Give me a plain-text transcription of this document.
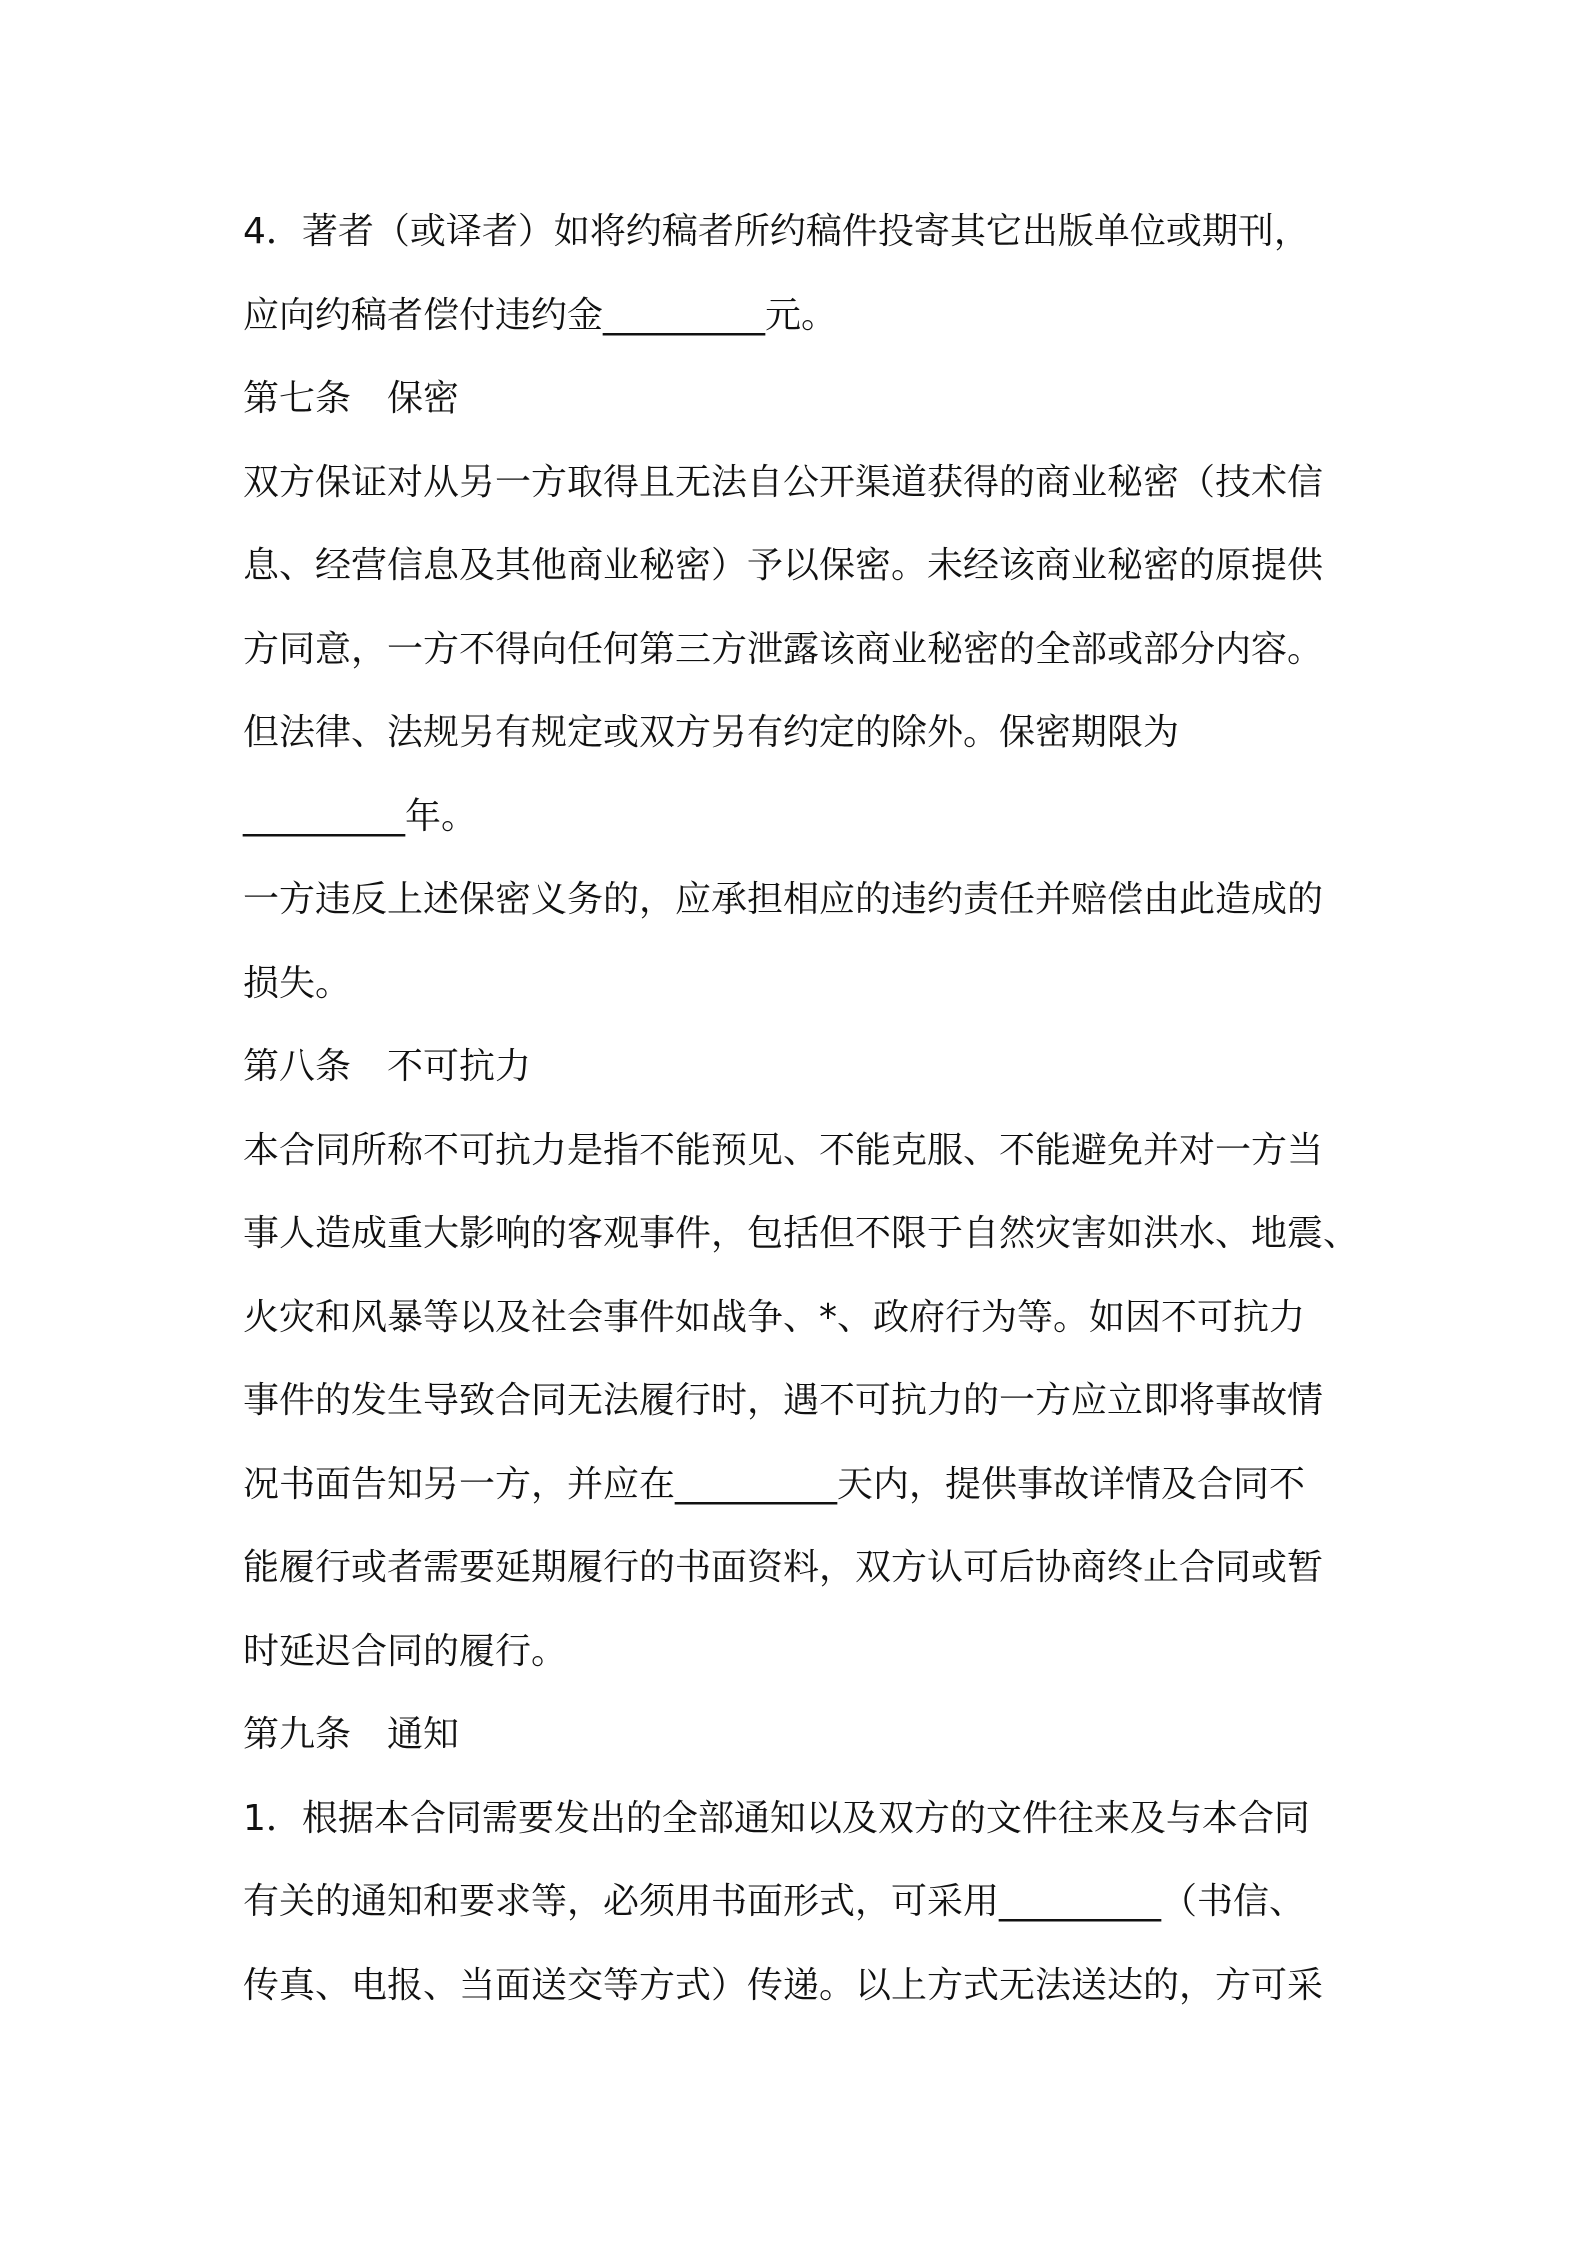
4．著者（或译者）如将约稿者所约稿件投寄其它出版单位或期刊，

应向约稿者偿付违约金_________元。

第七条　保密

双方保证对从另一方取得且无法自公开渠道获得的商业秘密（技术信

息、经营信息及其他商业秘密）予以保密。未经该商业秘密的原提供

方同意，一方不得向任何第三方泄露该商业秘密的全部或部分内容。

但法律、法规另有规定或双方另有约定的除外。保密期限为

_________年。

一方违反上述保密义务的，应承担相应的违约责任并赔偿由此造成的

损失。

第八条　不可抗力

本合同所称不可抗力是指不能预见、不能克服、不能避免并对一方当

事人造成重大影响的客观事件，包括但不限于自然灾害如洪水、地震、

火灾和风暴等以及社会事件如战争、*、政府行为等。如因不可抗力

事件的发生导致合同无法履行时，遇不可抗力的一方应立即将事故情

况书面告知另一方，并应在_________天内，提供事故详情及合同不

能履行或者需要延期履行的书面资料，双方认可后协商终止合同或暂

时延迟合同的履行。

第九条　通知

1．根据本合同需要发出的全部通知以及双方的文件往来及与本合同

有关的通知和要求等，必须用书面形式，可采用_________（书信、

传真、电报、当面送交等方式）传递。以上方式无法送达的，方可采
